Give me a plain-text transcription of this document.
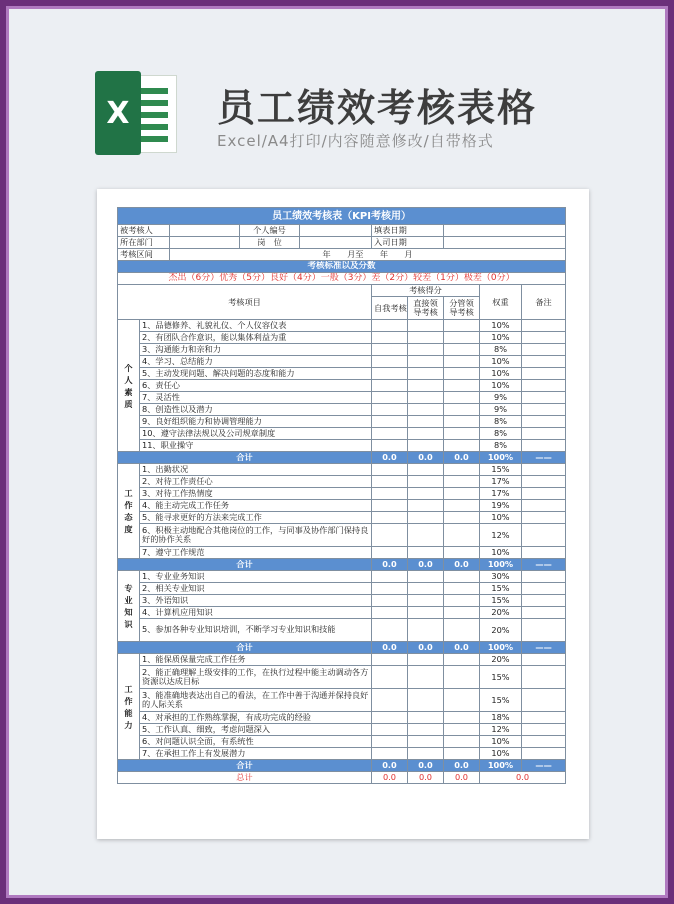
X	员工绩效考核表格
Excel/A4打印/内容随意修改/自带格式
员工绩效考核表（KPI考核用）									
被考核人			个人编号		填表日期				
所在部门			岗　位		入司日期				
考核区间		年　　月至　　年　　月							
考核标准以及分数									
杰出（6分）优秀（5分）良好（4分）一般（3分）差（2分）较差（1分）极差（0分）									
考核项目					考核得分			权重	备注
					自我考核	直接领导考核	分管领导考核		
个
人
素
质	1、品德修养、礼貌礼仪、个人仪容仪表							10%	
	2、有团队合作意识，能以集体利益为重							10%	
	3、沟通能力和亲和力							8%	
	4、学习、总结能力							10%	
	5、主动发现问题、解决问题的态度和能力							10%	
	6、责任心							10%	
	7、灵活性							9%	
	8、创造性以及潜力							9%	
	9、良好组织能力和协调管理能力							8%	
	10、遵守法律法规以及公司规章制度							8%	
	11、职业操守							8%	
合计					0.0	0.0	0.0	100%	——
工
作
态
度	1、出勤状况							15%	
	2、对待工作责任心							17%	
	3、对待工作热情度							17%	
	4、能主动完成工作任务							19%	
	5、能寻求更好的方法来完成工作							10%	
	6、积极主动地配合其他岗位的工作，与同事及协作部门保持良好的协作关系							12%	
	7、遵守工作规范							10%	
合计					0.0	0.0	0.0	100%	——
专
业
知
识	1、专业业务知识							30%	
	2、相关专业知识							15%	
	3、外语知识							15%	
	4、计算机应用知识							20%	
	5、参加各种专业知识培训，不断学习专业知识和技能							20%	
合计					0.0	0.0	0.0	100%	——
工
作
能
力	1、能保质保量完成工作任务							20%	
	2、能正确理解上级安排的工作，在执行过程中能主动调动各方资源以达成目标							15%	
	3、能准确地表达出自己的看法，在工作中善于沟通并保持良好的人际关系							15%	
	4、对承担的工作熟练掌握，有成功完成的经验							18%	
	5、工作认真、细致，考虑问题深入							12%	
	6、对问题认识全面，有系统性							10%	
	7、在承担工作上有发展潜力							10%	
合计					0.0	0.0	0.0	100%	——
总计					0.0	0.0	0.0	0.0	
